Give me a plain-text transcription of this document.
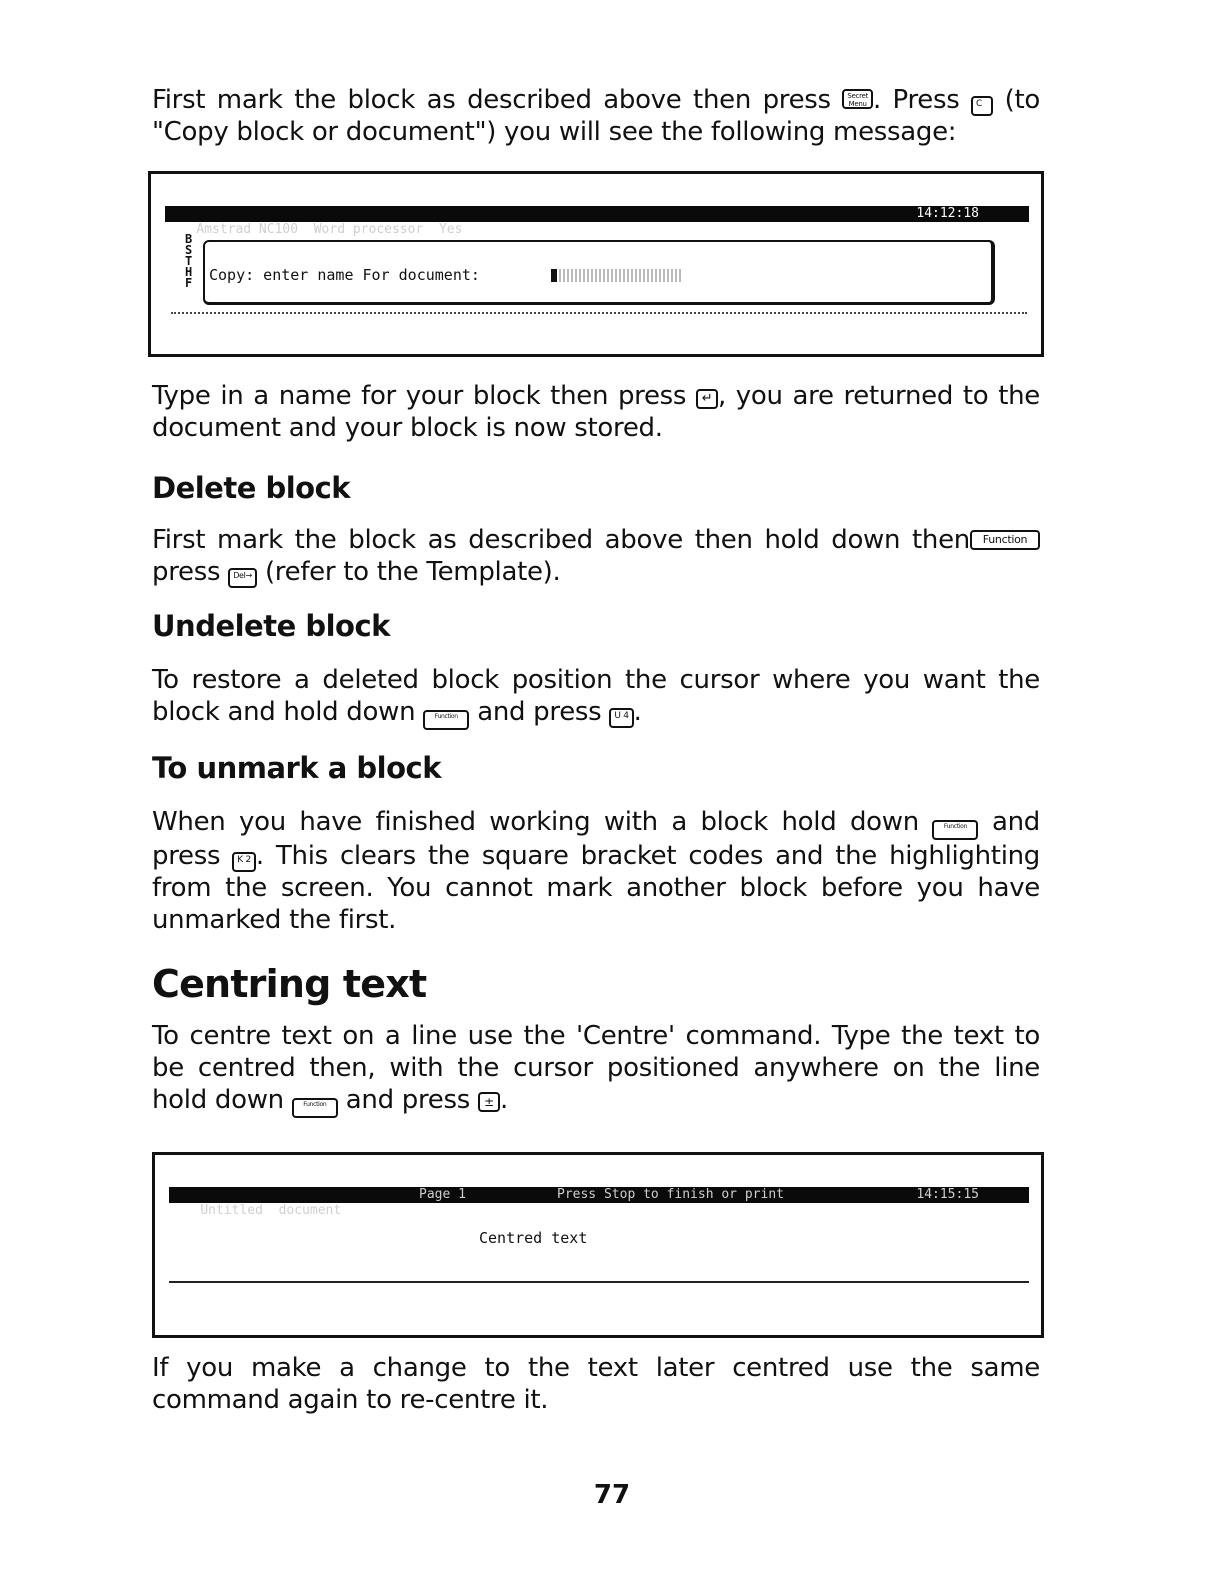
First mark the block as described above then press Secret
Menu . Press C (to "Copy block or document") you will see the following message:

Amstrad NC100  Word processor  Yes

14:12:18

B
S
T
H
F	Copy: enter name For document:

Type in a name for your block then press ↵ , you are returned to the document and your block is now stored.

Delete block

First mark the block as described above then hold down	Function
then press Del→ (refer to the Template).

Undelete block

To restore a deleted block position the cursor where you want the block and hold down	Function and press U 4 .

To unmark a block

When you have finished working with a block hold down	Function and press K 2 . This clears the square bracket codes and the highlighting from the screen. You cannot mark another block before you have unmarked the first.

Centring text

To centre text on a line use the 'Centre' command. Type the text to be centred then, with the cursor positioned anywhere on the line hold down	Function and press ± .

Untitled  document

Page 1

	Press Stop to finish or print

	14:15:15

Centred text

If you make a change to the text later centred use the same command again to re-centre it.

77
